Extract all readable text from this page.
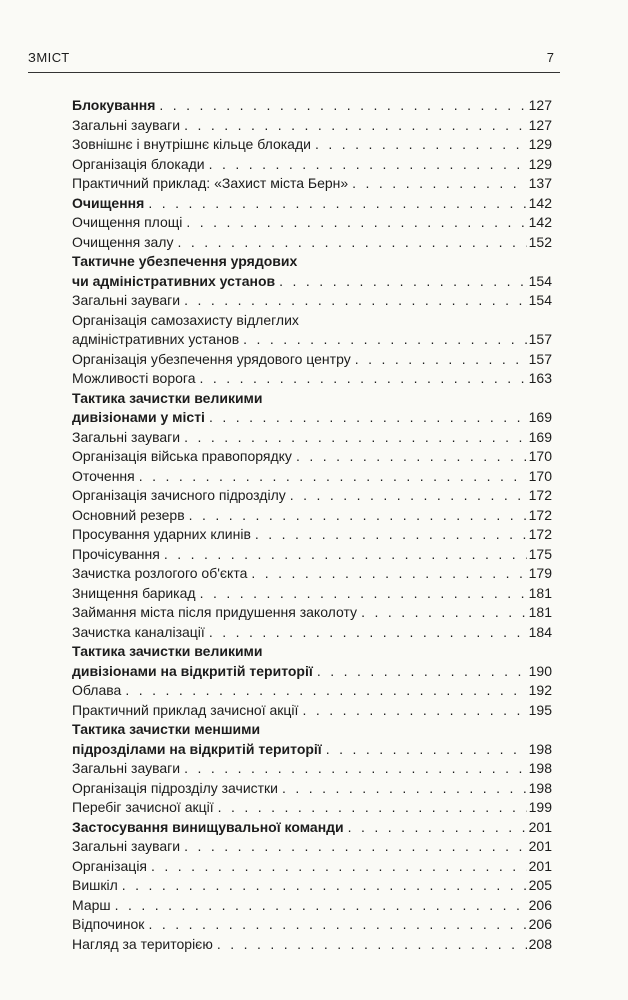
ЗМІСТ	7
Блокування . . .	127
Загальні зауваги . . .	127
Зовнішнє і внутрішнє кільце блокади . . .	129
Організація блокади . . .	129
Практичний приклад: «Захист міста Берн» . . .	137
Очищення . . .	142
Очищення площі . . .	142
Очищення залу . . .	152
Тактичне убезпечення урядових
чи адміністративних установ . . .	154
Загальні зауваги . . .	154
Організація самозахисту відлеглих
адміністративних установ . . .	157
Організація убезпечення урядового центру . . .	157
Можливості ворога . . .	163
Тактика зачистки великими
дивізіонами у місті . . .	169
Загальні зауваги . . .	169
Організація війська правопорядку . . .	170
Оточення . . .	170
Організація зачисного підрозділу . . .	172
Основний резерв . . .	172
Просування ударних клинів . . .	172
Прочісування . . .	175
Зачистка розлогого об'єкта . . .	179
Знищення барикад . . .	181
Займання міста після придушення заколоту . . .	181
Зачистка каналізації . . .	184
Тактика зачистки великими
дивізіонами на відкритій території . . .	190
Облава . . .	192
Практичний приклад зачисної акції . . .	195
Тактика зачистки меншими
підрозділами на відкритій території . . .	198
Загальні зауваги . . .	198
Організація підрозділу зачистки . . .	198
Перебіг зачисної акції . . .	199
Застосування винищувальної команди . . .	201
Загальні зауваги . . .	201
Організація . . .	201
Вишкіл . . .	205
Марш . . .	206
Відпочинок . . .	206
Нагляд за територією . . .	208
